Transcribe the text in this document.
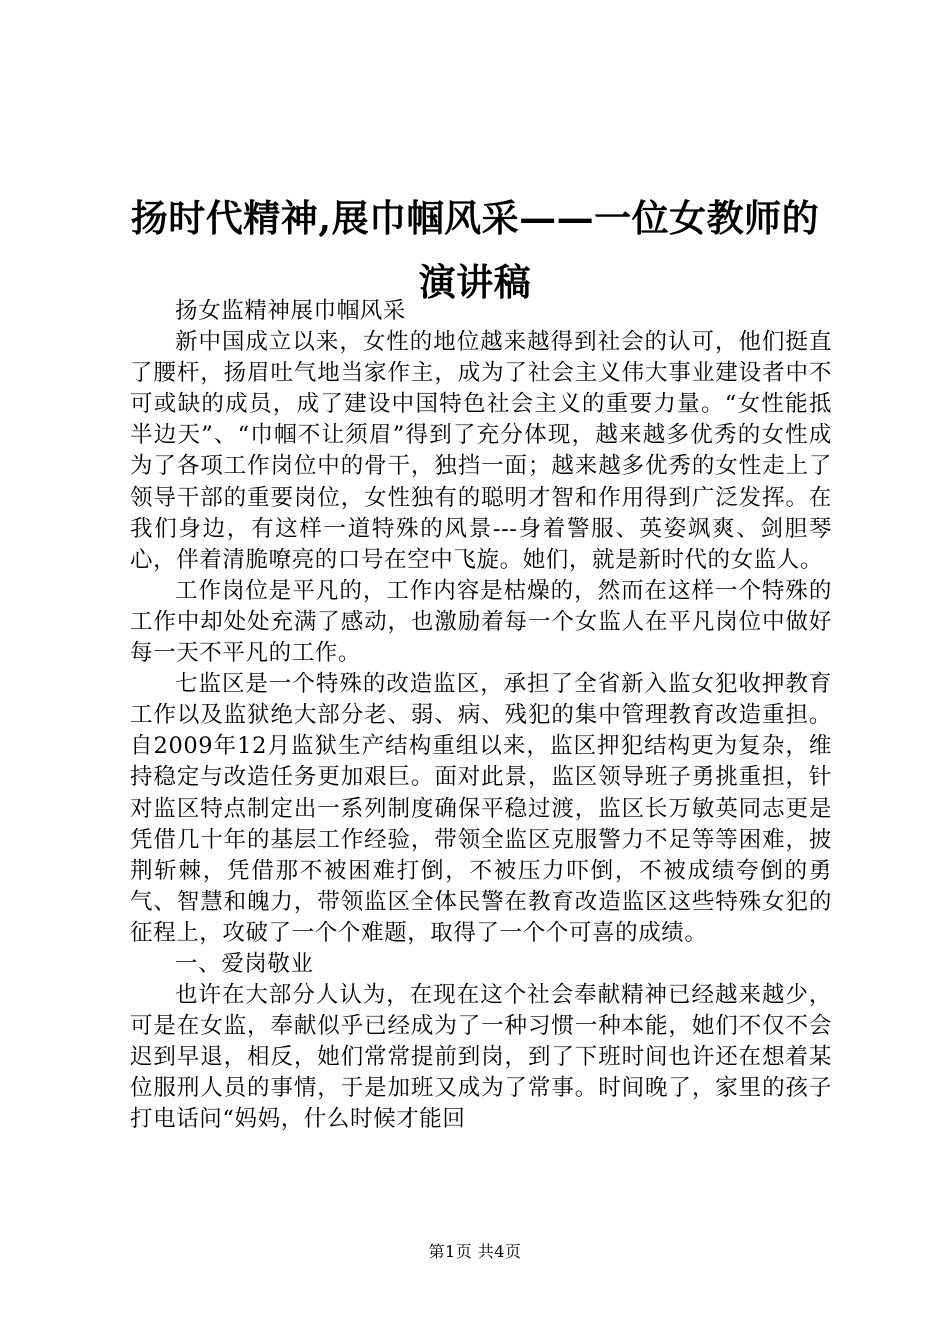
扬时代精神,展巾帼风采——一位女教师的演讲稿

扬女监精神展巾帼风采

新中国成立以来，女性的地位越来越得到社会的认可，他们挺直了腰杆，扬眉吐气地当家作主，成为了社会主义伟大事业建设者中不可或缺的成员，成了建设中国特色社会主义的重要力量。“女性能抵半边天”、“巾帼不让须眉”得到了充分体现，越来越多优秀的女性成为了各项工作岗位中的骨干，独挡一面；越来越多优秀的女性走上了领导干部的重要岗位，女性独有的聪明才智和作用得到广泛发挥。在我们身边，有这样一道特殊的风景---身着警服、英姿飒爽、剑胆琴心，伴着清脆嘹亮的口号在空中飞旋。她们，就是新时代的女监人。

工作岗位是平凡的，工作内容是枯燥的，然而在这样一个特殊的工作中却处处充满了感动，也激励着每一个女监人在平凡岗位中做好每一天不平凡的工作。

七监区是一个特殊的改造监区，承担了全省新入监女犯收押教育工作以及监狱绝大部分老、弱、病、残犯的集中管理教育改造重担。自2009年12月监狱生产结构重组以来，监区押犯结构更为复杂，维持稳定与改造任务更加艰巨。面对此景，监区领导班子勇挑重担，针对监区特点制定出一系列制度确保平稳过渡，监区长万敏英同志更是凭借几十年的基层工作经验，带领全监区克服警力不足等等困难，披荆斩棘，凭借那不被困难打倒，不被压力吓倒，不被成绩夸倒的勇气、智慧和魄力，带领监区全体民警在教育改造监区这些特殊女犯的征程上，攻破了一个个难题，取得了一个个可喜的成绩。

一、爱岗敬业

也许在大部分人认为，在现在这个社会奉献精神已经越来越少，可是在女监，奉献似乎已经成为了一种习惯一种本能，她们不仅不会迟到早退，相反，她们常常提前到岗，到了下班时间也许还在想着某位服刑人员的事情，于是加班又成为了常事。时间晚了，家里的孩子打电话问“妈妈，什么时候才能回

第1页 共4页
